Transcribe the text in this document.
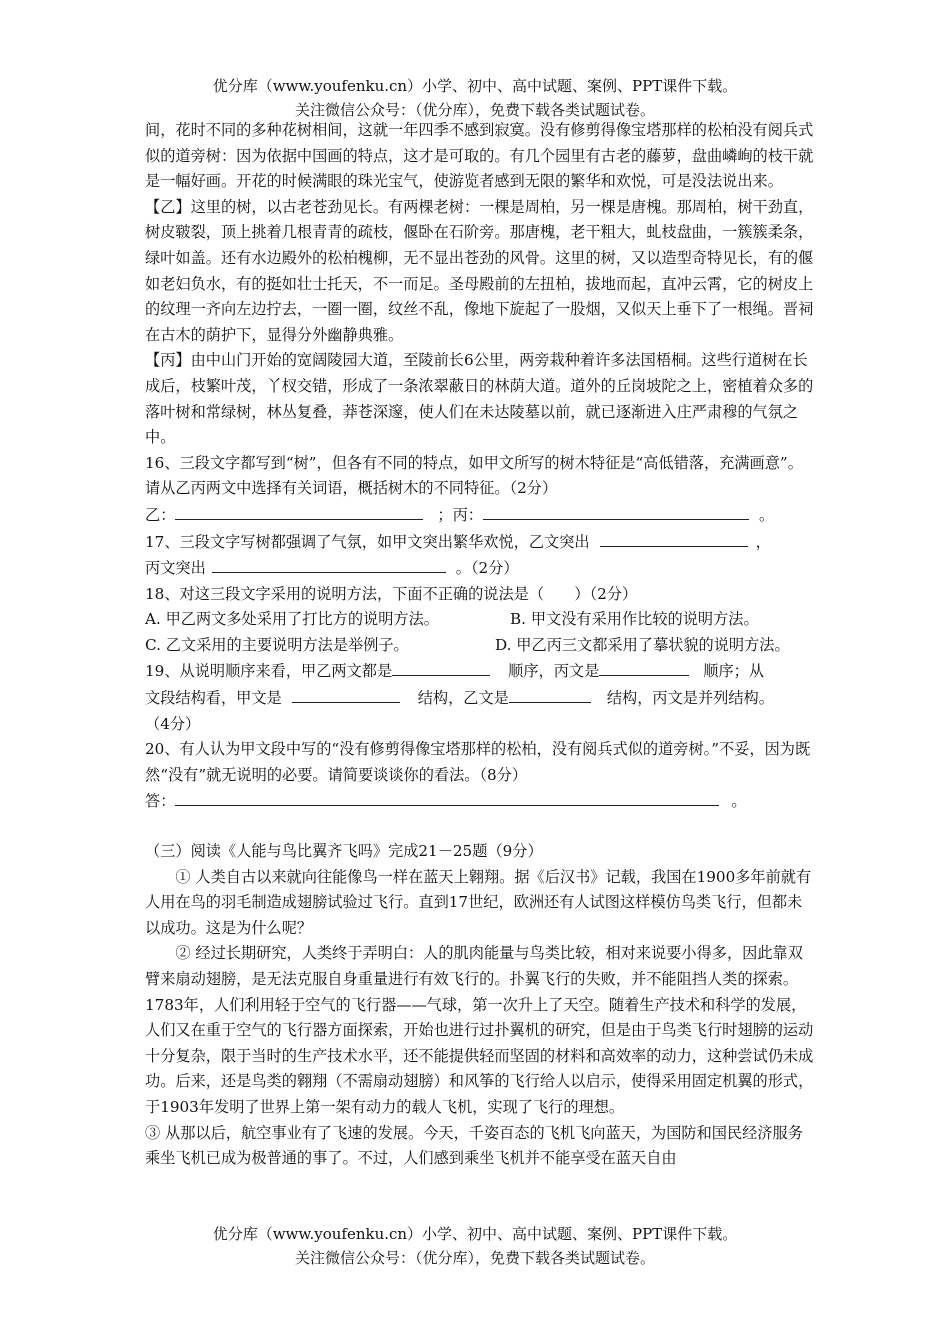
优分库（www.youfenku.cn）小学、初中、高中试题、案例、PPT课件下载。
关注微信公众号：（优分库），免费下载各类试题试卷。

间，花时不同的多种花树相间，这就一年四季不感到寂寞。没有修剪得像宝塔那样的松柏没有阅兵式似的道旁树：因为依据中国画的特点，这才是可取的。有几个园里有古老的藤萝，盘曲嶙峋的枝干就是一幅好画。开花的时候满眼的珠光宝气，使游览者感到无限的繁华和欢悦，可是没法说出来。

【乙】这里的树，以古老苍劲见长。有两棵老树：一棵是周柏，另一棵是唐槐。那周柏，树干劲直，树皮皲裂，顶上挑着几根青青的疏枝，偃卧在石阶旁。那唐槐，老干粗大，虬枝盘曲，一簇簇柔条，绿叶如盖。还有水边殿外的松柏槐柳，无不显出苍劲的风骨。这里的树，又以造型奇特见长，有的偃如老妇负水，有的挺如壮士托天，不一而足。圣母殿前的左扭柏，拔地而起，直冲云霄，它的树皮上的纹理一齐向左边拧去，一圈一圈，纹丝不乱，像地下旋起了一股烟，又似天上垂下了一根绳。晋祠在古木的荫护下，显得分外幽静典雅。

【丙】由中山门开始的宽阔陵园大道，至陵前长6公里，两旁栽种着许多法国梧桐。这些行道树在长成后，枝繁叶茂，丫杈交错，形成了一条浓翠蔽日的林荫大道。道外的丘岗坡陀之上，密植着众多的落叶树和常绿树，林丛复叠，莽苍深邃，使人们在未达陵墓以前，就已逐渐进入庄严肃穆的气氛之中。

16、三段文字都写到“树”，但各有不同的特点，如甲文所写的树木特征是“高低错落，充满画意”。请从乙丙两文中选择有关词语，概括树木的不同特征。（2分）

乙：	；丙：	。

17、三段文字写树都强调了气氛，如甲文突出繁华欢悦，乙文突出	，

丙文突出	。（2分）

18、对这三段文字采用的说明方法，下面不正确的说法是（　　）（2分）

A. 甲乙两文多处采用了打比方的说明方法。	B. 甲文没有采用作比较的说明方法。
C. 乙文采用的主要说明方法是举例子。	D. 甲乙丙三文都采用了摹状貌的说明方法。

19、从说明顺序来看，甲乙两文都是	顺序，丙文是	顺序；从

文段结构看，甲文是	结构，乙文是	结构，丙文是并列结构。

（4分）

20、有人认为甲文段中写的“没有修剪得像宝塔那样的松柏，没有阅兵式似的道旁树。”不妥，因为既然“没有”就无说明的必要。请简要谈谈你的看法。（8分）

答：	。

（三）阅读《人能与鸟比翼齐飞吗》完成21－25题（9分）

① 人类自古以来就向往能像鸟一样在蓝天上翱翔。据《后汉书》记载，我国在1900多年前就有人用在鸟的羽毛制造成翅膀试验过飞行。直到17世纪，欧洲还有人试图这样模仿鸟类飞行，但都未以成功。这是为什么呢？

② 经过长期研究，人类终于弄明白：人的肌肉能量与鸟类比较，相对来说要小得多，因此靠双臂来扇动翅膀，是无法克服自身重量进行有效飞行的。扑翼飞行的失败，并不能阻挡人类的探索。1783年，人们利用轻于空气的飞行器——气球，第一次升上了天空。随着生产技术和科学的发展，人们又在重于空气的飞行器方面探索，开始也进行过扑翼机的研究，但是由于鸟类飞行时翅膀的运动十分复杂，限于当时的生产技术水平，还不能提供轻而坚固的材料和高效率的动力，这种尝试仍未成功。后来，还是鸟类的翱翔（不需扇动翅膀）和风筝的飞行给人以启示，使得采用固定机翼的形式，于1903年发明了世界上第一架有动力的载人飞机，实现了飞行的理想。

③ 从那以后，航空事业有了飞速的发展。今天，千姿百态的飞机飞向蓝天，为国防和国民经济服务乘坐飞机已成为极普通的事了。不过，人们感到乘坐飞机并不能享受在蓝天自由

优分库（www.youfenku.cn）小学、初中、高中试题、案例、PPT课件下载。
关注微信公众号：（优分库），免费下载各类试题试卷。
